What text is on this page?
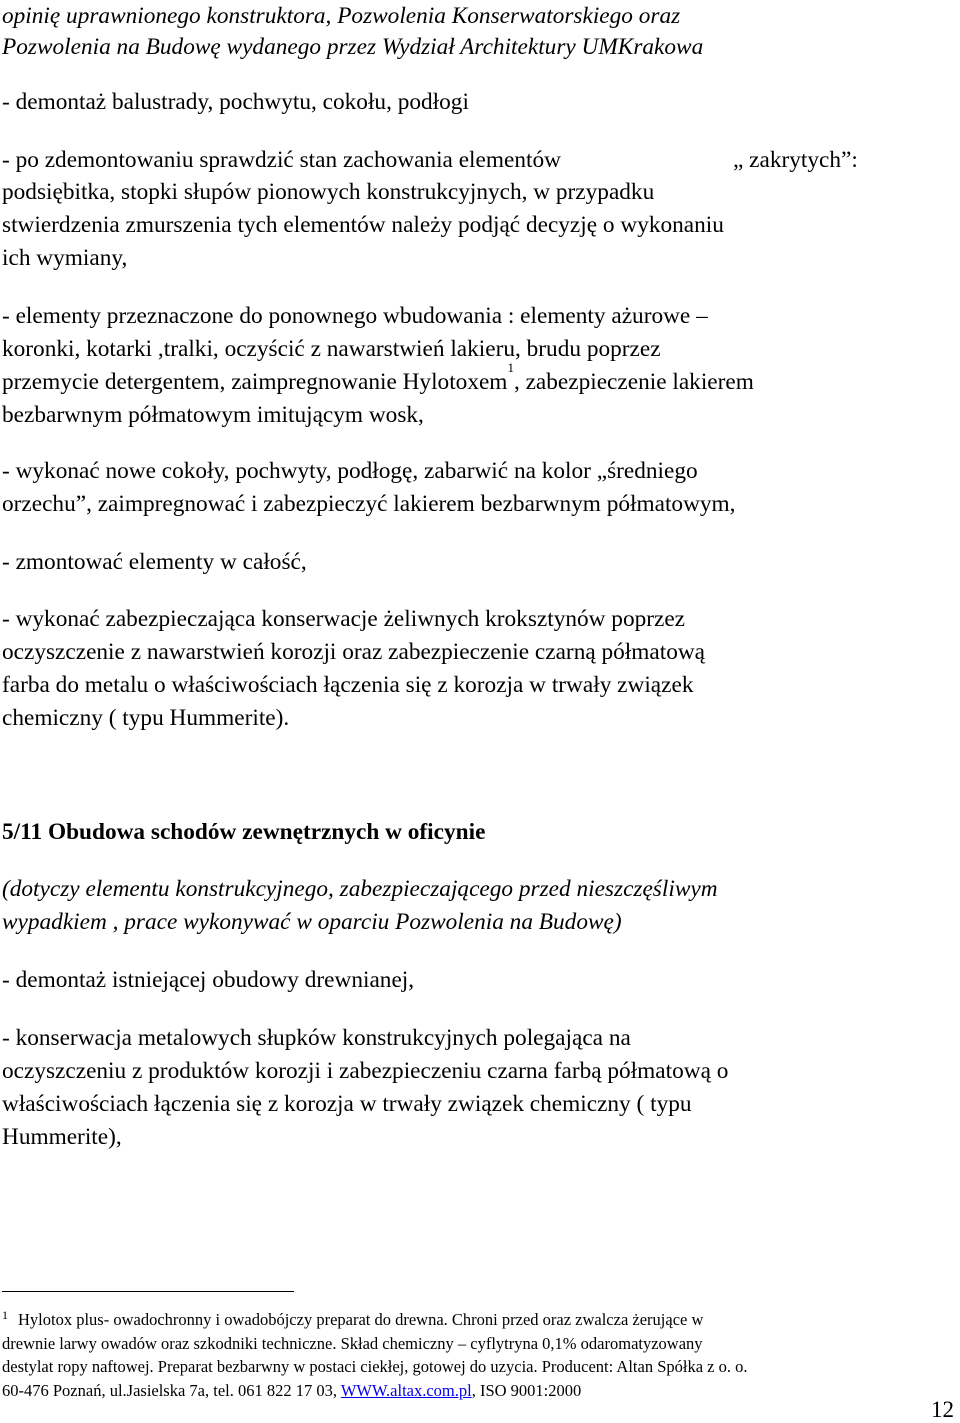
opinię uprawnionego konstruktora, Pozwolenia Konserwatorskiego oraz
Pozwolenia na Budowę wydanego przez Wydział Architektury UMKrakowa
- demontaż balustrady, pochwytu, cokołu, podłogi
- po zdemontowaniu sprawdzić stan zachowania elementów	„ zakrytych”:
podsiębitka, stopki słupów pionowych konstrukcyjnych, w przypadku
stwierdzenia zmurszenia tych elementów należy podjąć decyzję o wykonaniu
ich wymiany,
- elementy przeznaczone do ponownego wbudowania : elementy ażurowe –
koronki, kotarki ,tralki, oczyścić z nawarstwień lakieru, brudu poprzez
przemycie detergentem, zaimpregnowanie Hylotoxem$^1$, zabezpieczenie lakierem
bezbarwnym półmatowym imitującym wosk,
- wykonać nowe cokoły, pochwyty, podłogę, zabarwić na kolor „średniego
orzechu”, zaimpregnować i zabezpieczyć lakierem bezbarwnym półmatowym,
- zmontować elementy w całość,
- wykonać zabezpieczająca konserwacje żeliwnych kroksztynów poprzez
oczyszczenie z nawarstwień korozji oraz zabezpieczenie czarną półmatową
farba do metalu o właściwościach łączenia się z korozja w trwały związek
chemiczny ( typu Hummerite).
5/11 Obudowa schodów zewnętrznych w oficynie
(dotyczy elementu konstrukcyjnego, zabezpieczającego przed nieszczęśliwym
wypadkiem , prace wykonywać w oparciu Pozwolenia na Budowę)
- demontaż istniejącej obudowy drewnianej,
- konserwacja metalowych słupków konstrukcyjnych polegająca na
oczyszczeniu z produktów korozji i zabezpieczeniu czarna farbą półmatową o
właściwościach łączenia się z korozja w trwały związek chemiczny ( typu
Hummerite),
$^1$ Hylotox plus- owadochronny i owadobójczy preparat do drewna. Chroni przed oraz zwalcza żerujące w
drewnie larwy owadów oraz szkodniki techniczne. Skład chemiczny – cyflytryna 0,1% odaromatyzowany
destylat ropy naftowej. Preparat bezbarwny w postaci ciekłej, gotowej do uzycia. Producent: Altan Spółka z o. o.
60-476 Poznań, ul.Jasielska 7a, tel. 061 822 17 03, WWW.altax.com.pl, ISO 9001:2000
12
